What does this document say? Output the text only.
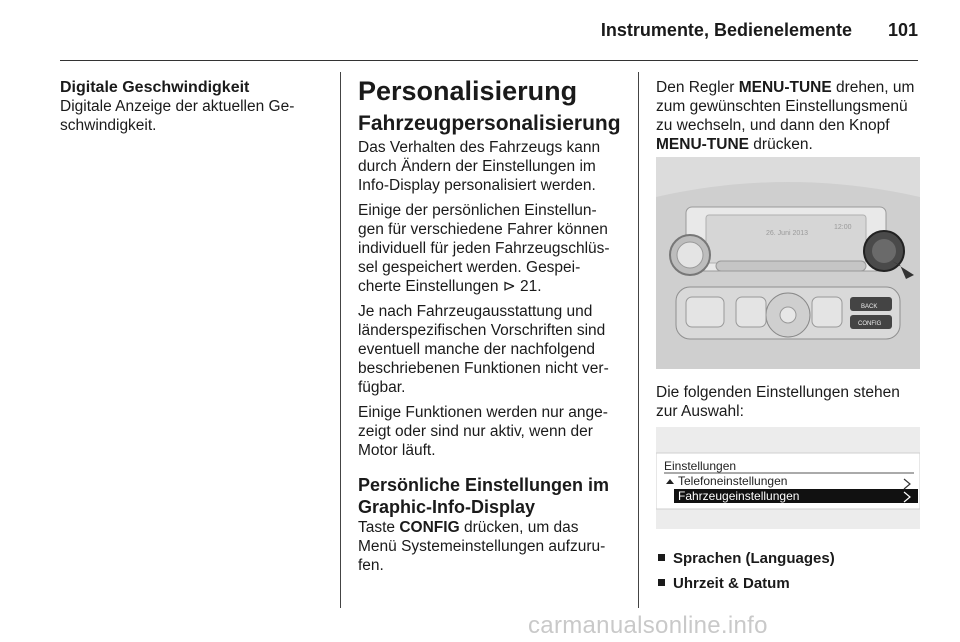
Instrumente, Bedienelemente 101
Digitale Geschwindigkeit
Digitale Anzeige der aktuellen Ge-schwindigkeit.
Personalisierung
Fahrzeugpersonalisierung

Das Verhalten des Fahrzeugs kann durch Ändern der Einstellungen im Info-Display personalisiert werden.

Einige der persönlichen Einstellun-gen für verschiedene Fahrer können individuell für jeden Fahrzeugschlüs-sel gespeichert werden. Gespei-cherte Einstellungen ⊳ 21.

Je nach Fahrzeugausstattung und länderspezifischen Vorschriften sind eventuell manche der nachfolgend beschriebenen Funktionen nicht ver-fügbar.

Einige Funktionen werden nur ange-zeigt oder sind nur aktiv, wenn der Motor läuft.

Persönliche Einstellungen im Graphic-Info-Display

Taste CONFIG drücken, um das Menü Systemeinstellungen aufzuru-fen.

Den Regler MENU-TUNE drehen, um zum gewünschten Einstellungsmenü zu wechseln, und dann den Knopf MENU-TUNE drücken.

26. Juni 2013
12:00
BACK
CONFIG
Die folgenden Einstellungen stehen zur Auswahl:
Einstellungen
Telefoneinstellungen
Fahrzeugeinstellungen
Sprachen (Languages)
Uhrzeit & Datum
carmanualsonline.info
